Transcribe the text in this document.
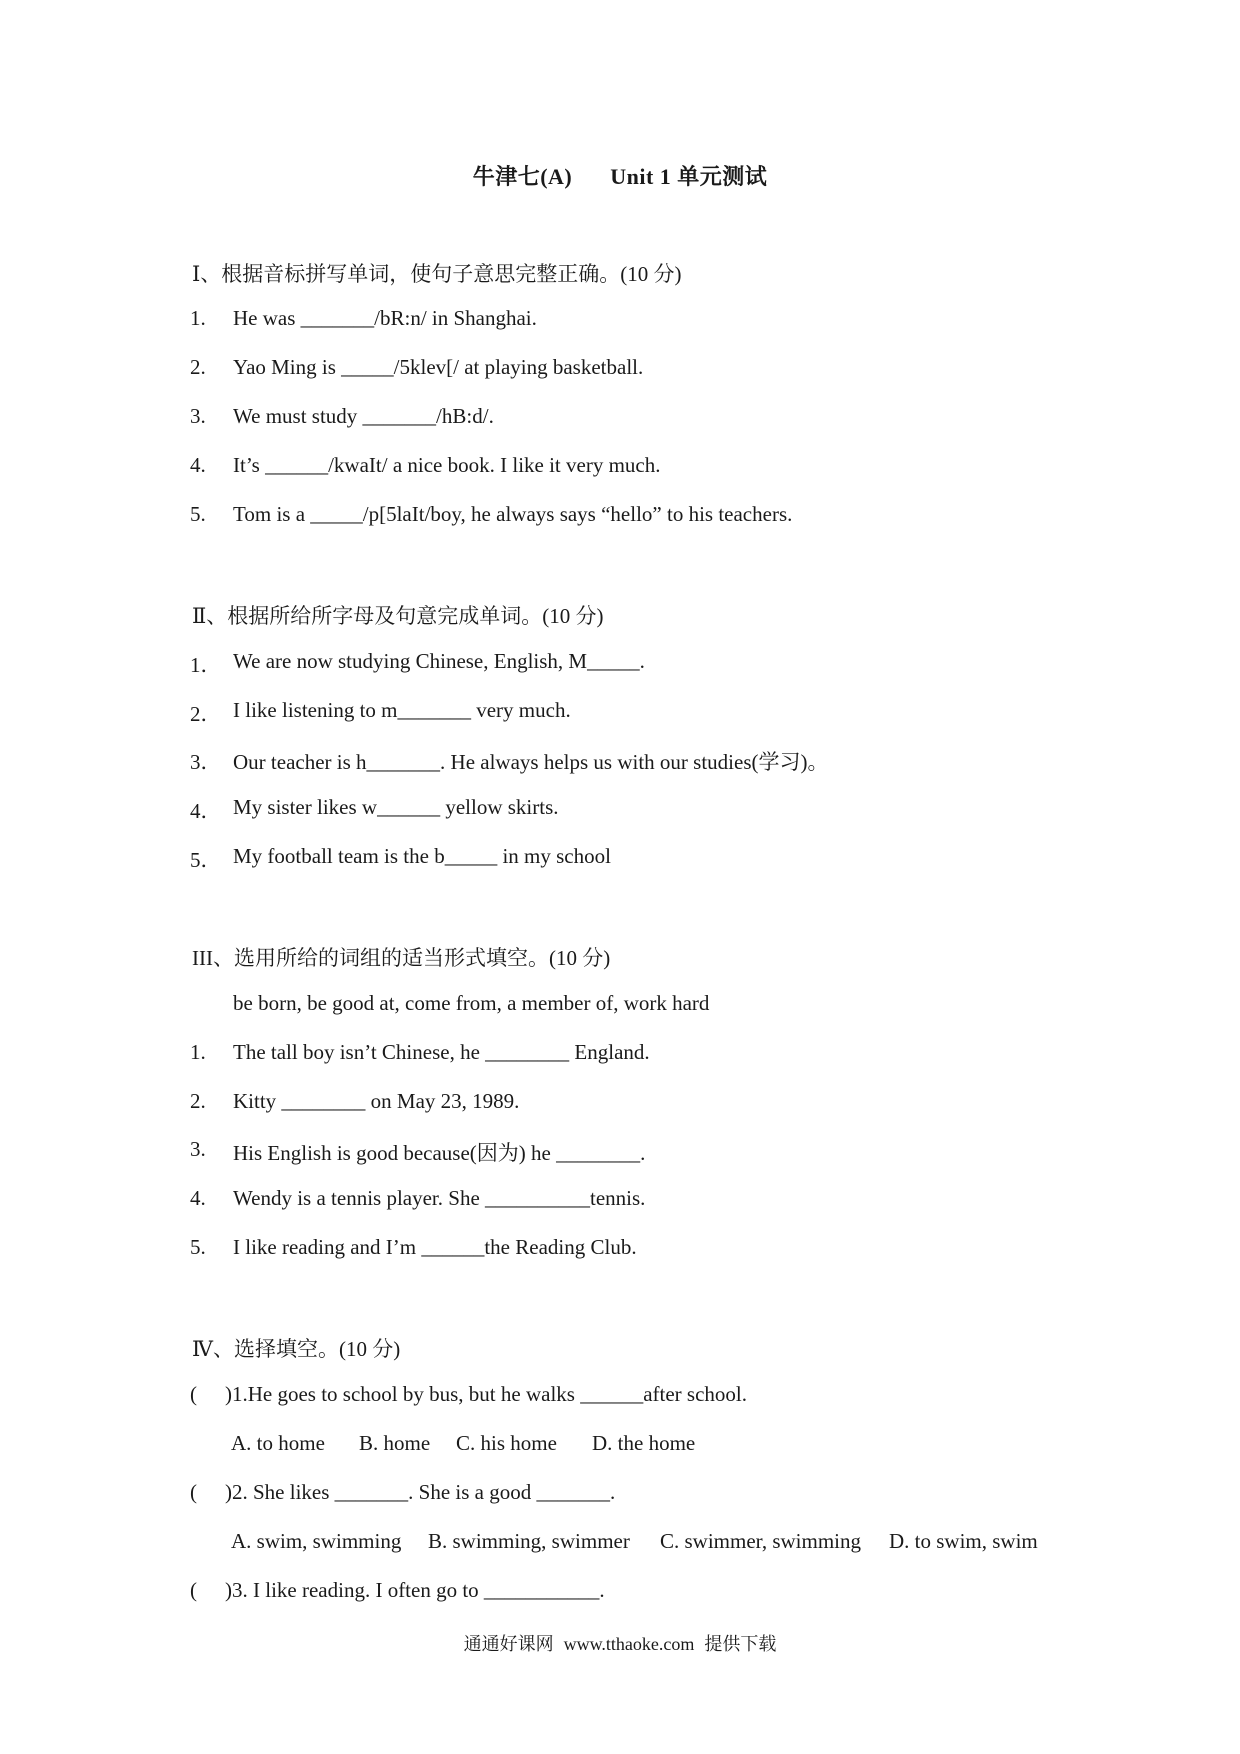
牛津七(A) Unit 1 单元测试
Ⅰ、根据音标拼写单词，使句子意思完整正确。(10 分)
1. He was _______/bR:n/ in Shanghai.
2. Yao Ming is _____/5klev[/ at playing basketball.
3. We must study _______/hB:d/.
4. It’s ______/kwaIt/ a nice book. I like it very much.
5. Tom is a _____/p[5laIt/boy, he always says “hello” to his teachers.
Ⅱ、根据所给所字母及句意完成单词。(10 分)
1． We are now studying Chinese, English, M_____.
2． I like listening to m_______ very much.
3． Our teacher is h_______. He always helps us with our studies(学习)。
4． My sister likes w______ yellow skirts.
5． My football team is the b_____ in my school
III、选用所给的词组的适当形式填空。(10 分)
be born, be good at, come from, a member of, work hard
1. The tall boy isn’t Chinese, he ________ England.
2. Kitty ________ on May 23, 1989.
3. His English is good because(因为) he ________.
4. Wendy is a tennis player. She __________tennis.
5. I like reading and I’m ______the Reading Club.
Ⅳ、选择填空。(10 分)
( )1.He goes to school by bus, but he walks ______after school.
A. to home B. home C. his home D. the home
( )2. She likes _______. She is a good _______.
A. swim, swimming B. swimming, swimmer C. swimmer, swimming D. to swim, swim
( )3. I like reading. I often go to ___________.
通通好课网 www.tthaoke.com 提供下载
